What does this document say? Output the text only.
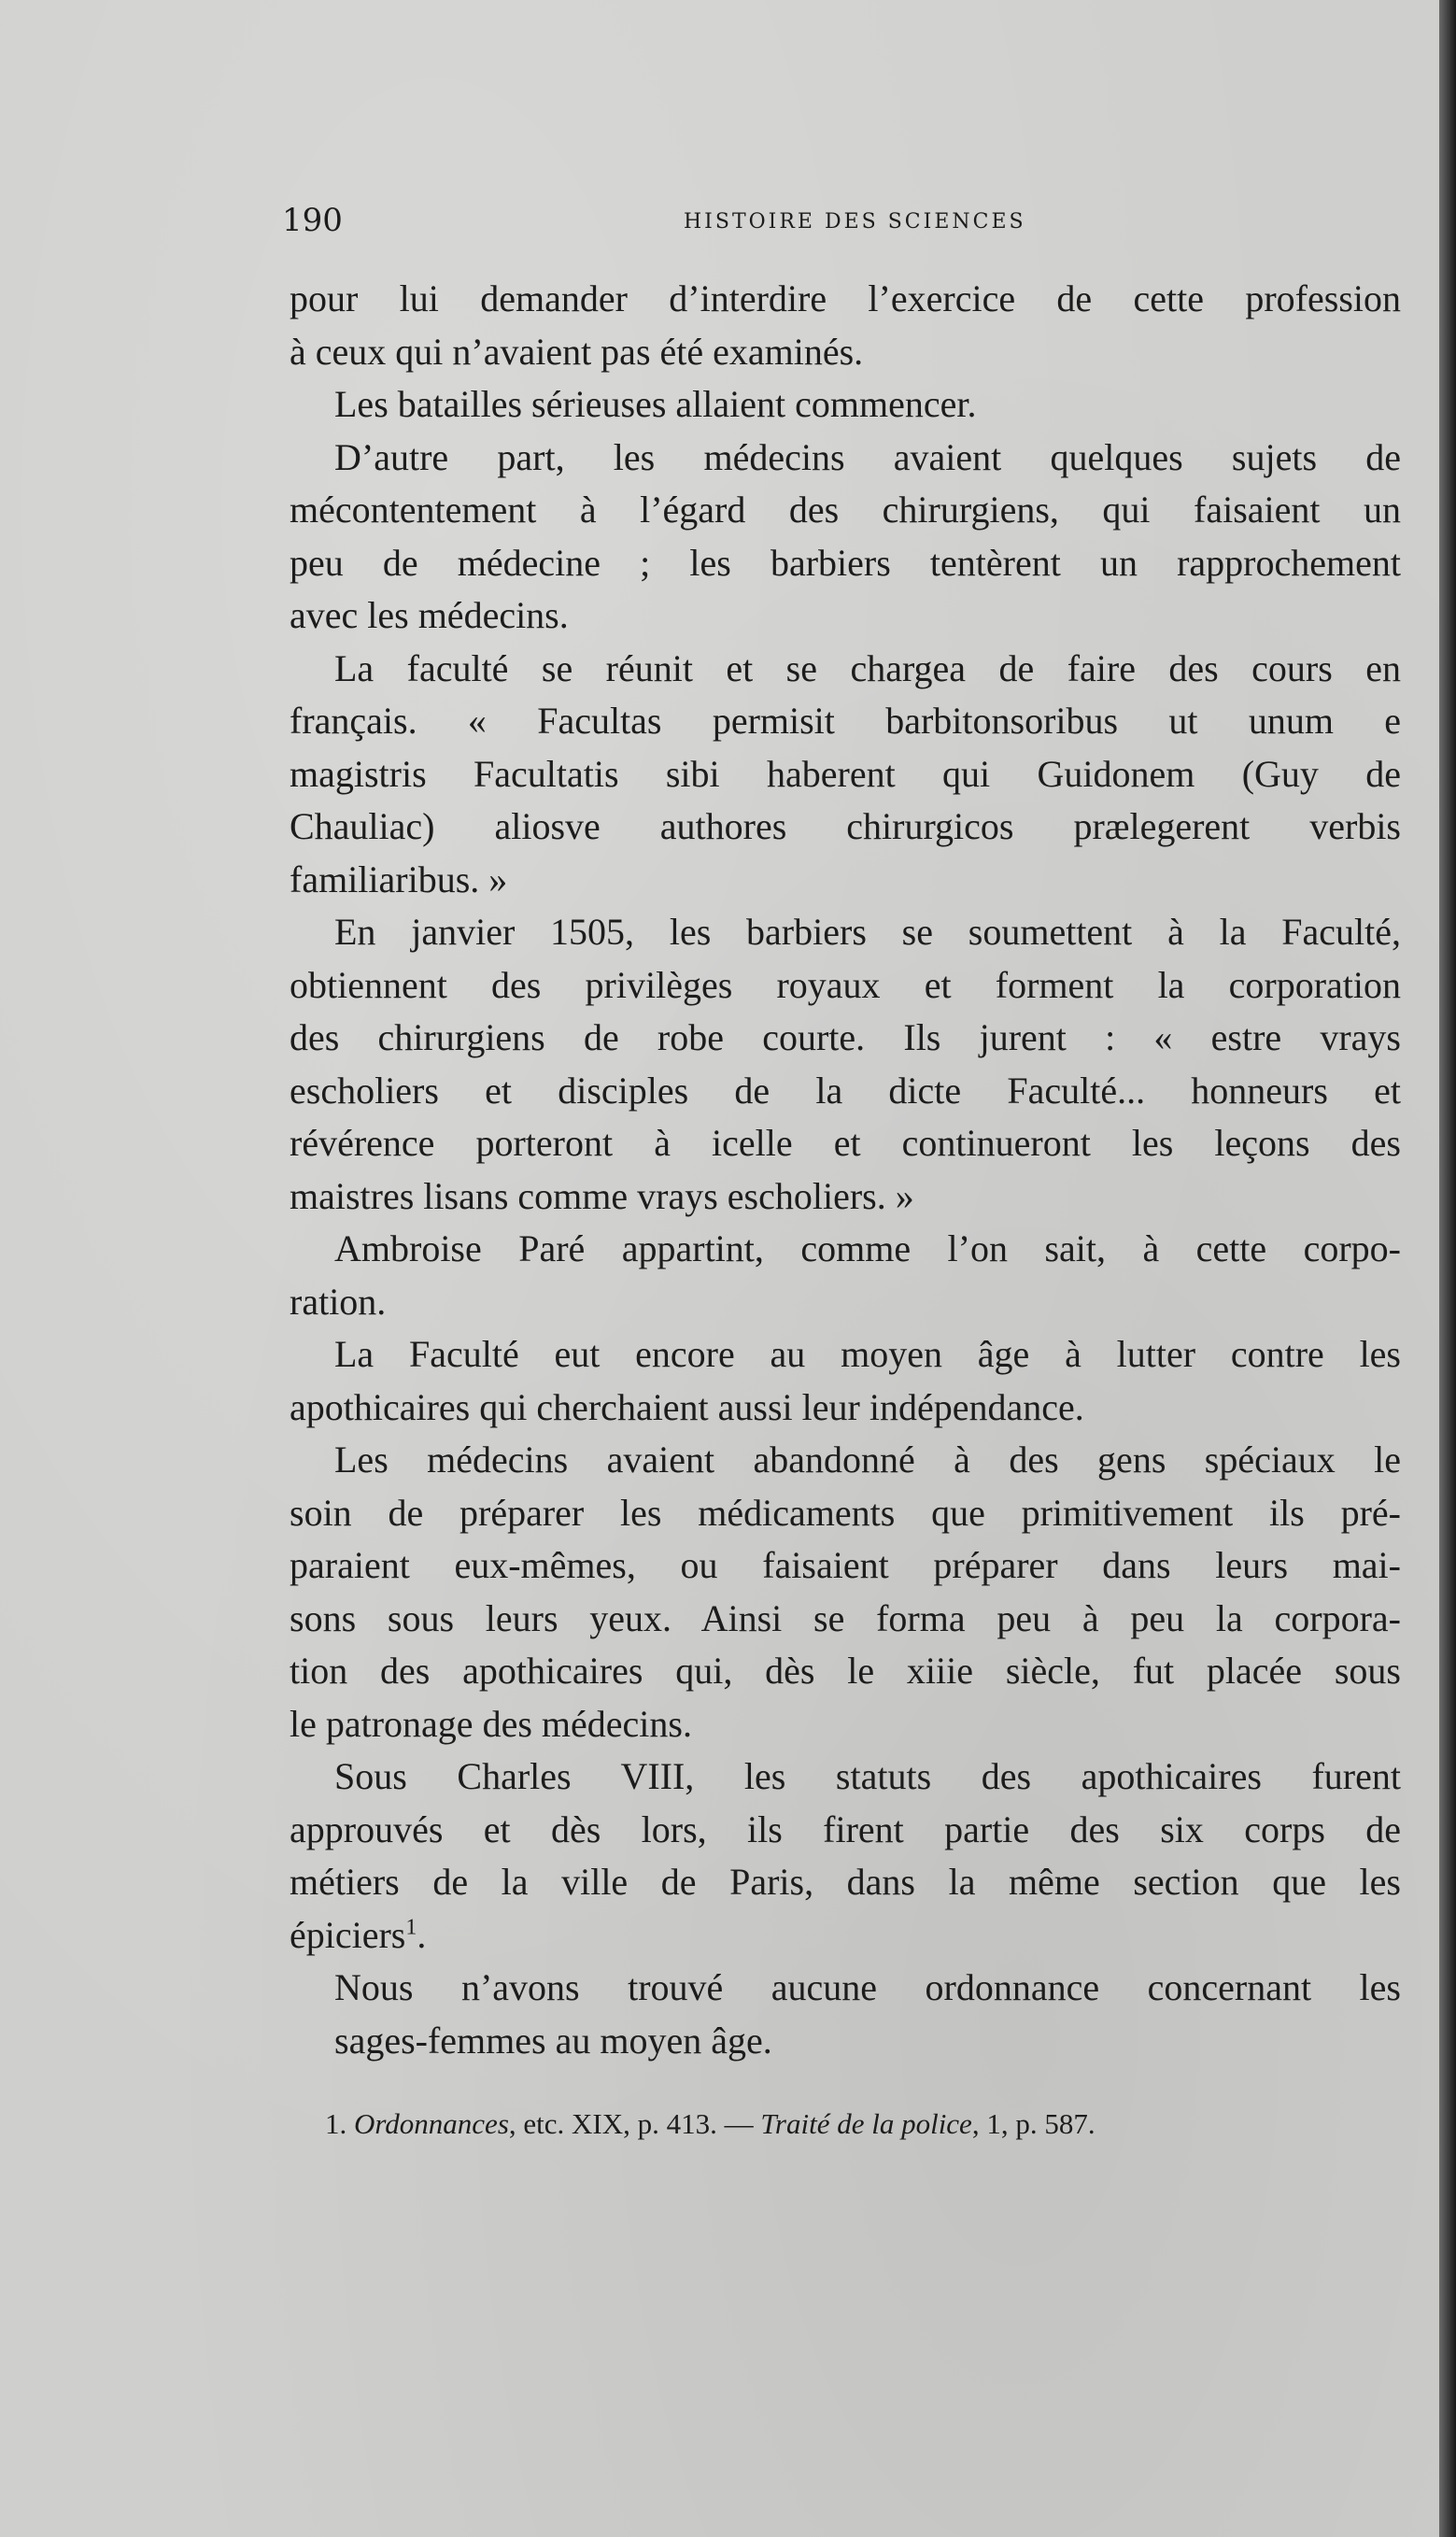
190	HISTOIRE DES SCIENCES
pour lui demander d’interdire l’exercice de cette profession
à ceux qui n’avaient pas été examinés.
Les batailles sérieuses allaient commencer.
D’autre part, les médecins avaient quelques sujets de
mécontentement à l’égard des chirurgiens, qui faisaient un
peu de médecine ; les barbiers tentèrent un rapprochement
avec les médecins.
La faculté se réunit et se chargea de faire des cours en
français. « Facultas permisit barbitonsoribus ut unum e
magistris Facultatis sibi haberent qui Guidonem (Guy de
Chauliac) aliosve authores chirurgicos prælegerent verbis
familiaribus. »
En janvier 1505, les barbiers se soumettent à la Faculté,
obtiennent des privilèges royaux et forment la corporation
des chirurgiens de robe courte. Ils jurent : « estre vrays
escholiers et disciples de la dicte Faculté... honneurs et
révérence porteront à icelle et continueront les leçons des
maistres lisans comme vrays escholiers. »
Ambroise Paré appartint, comme l’on sait, à cette corpo-
ration.
La Faculté eut encore au moyen âge à lutter contre les
apothicaires qui cherchaient aussi leur indépendance.
Les médecins avaient abandonné à des gens spéciaux le
soin de préparer les médicaments que primitivement ils pré-
paraient eux-mêmes, ou faisaient préparer dans leurs mai-
sons sous leurs yeux. Ainsi se forma peu à peu la corpora-
tion des apothicaires qui, dès le xiiie siècle, fut placée sous
le patronage des médecins.
Sous Charles VIII, les statuts des apothicaires furent
approuvés et dès lors, ils firent partie des six corps de
métiers de la ville de Paris, dans la même section que les
épiciers$^1$.
Nous n’avons trouvé aucune ordonnance concernant les
sages-femmes au moyen âge.
1. Ordonnances, etc. XIX, p. 413. — Traité de la police, 1, p. 587.
